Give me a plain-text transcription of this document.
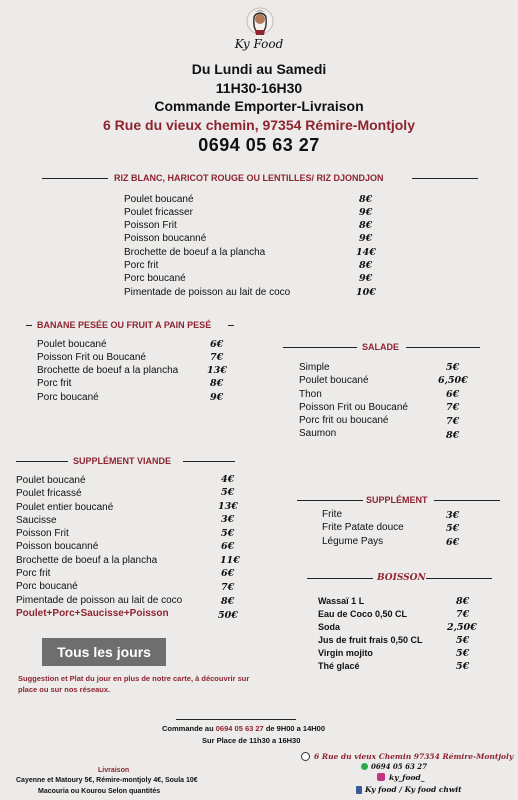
Ky Food
Du Lundi au Samedi
11H30-16H30
Commande Emporter-Livraison
6 Rue du vieux chemin, 97354 Rémire-Montjoly
0694 05 63 27
RIZ BLANC, HARICOT ROUGE OU LENTILLES/ RIZ DJONDJON
Poulet boucané	8€
Poulet fricasser	9€
Poisson Frit	8€
Poisson boucanné	9€
Brochette de boeuf a la plancha	14€
Porc frit	8€
Porc boucané	9€
Pimentade de poisson au lait de coco	10€
BANANE PESÉE OU FRUIT A PAIN PESÉ
Poulet boucané	6€
Poisson Frit ou Boucané	7€
Brochette de boeuf a la plancha	13€
Porc frit	8€
Porc boucané	9€
SALADE
Simple	5€
Poulet boucané	6,50€
Thon	6€
Poisson Frit ou Boucané	7€
Porc frit ou boucané	7€
Saumon	8€
SUPPLÉMENT VIANDE
Poulet boucané	4€
Poulet fricassé	5€
Poulet entier boucané	13€
Saucisse	3€
Poisson Frit	5€
Poisson boucanné	6€
Brochette de boeuf a la plancha	11€
Porc frit	6€
Porc boucané	7€
Pimentade de poisson au lait de coco	8€
Poulet+Porc+Saucisse+Poisson	50€
SUPPLÉMENT
Frite	3€
Frite Patate douce	5€
Légume Pays	6€
BOISSON
Wassaï 1 L	8€
Eau de Coco 0,50 CL	7€
Soda	2,50€
Jus de fruit frais 0,50 CL	5€
Virgin mojito	5€
Thé glacé	5€
Tous les jours
Suggestion et Plat du jour en plus de notre carte, à découvrir sur place ou sur nos réseaux.
Commande au 0694 05 63 27 de 9H00 a 14H00
Sur Place de 11h30 a 16H30
Livraison
Cayenne et Matoury 5€, Rémire-montjoly 4€, Soula 10€
Macouria ou Kourou Selon quantités
6 Rue du vieux Chemin 97354 Rémire-Montjoly
0694 05 63 27
ky_food_
Ky food / Ky food chwit
